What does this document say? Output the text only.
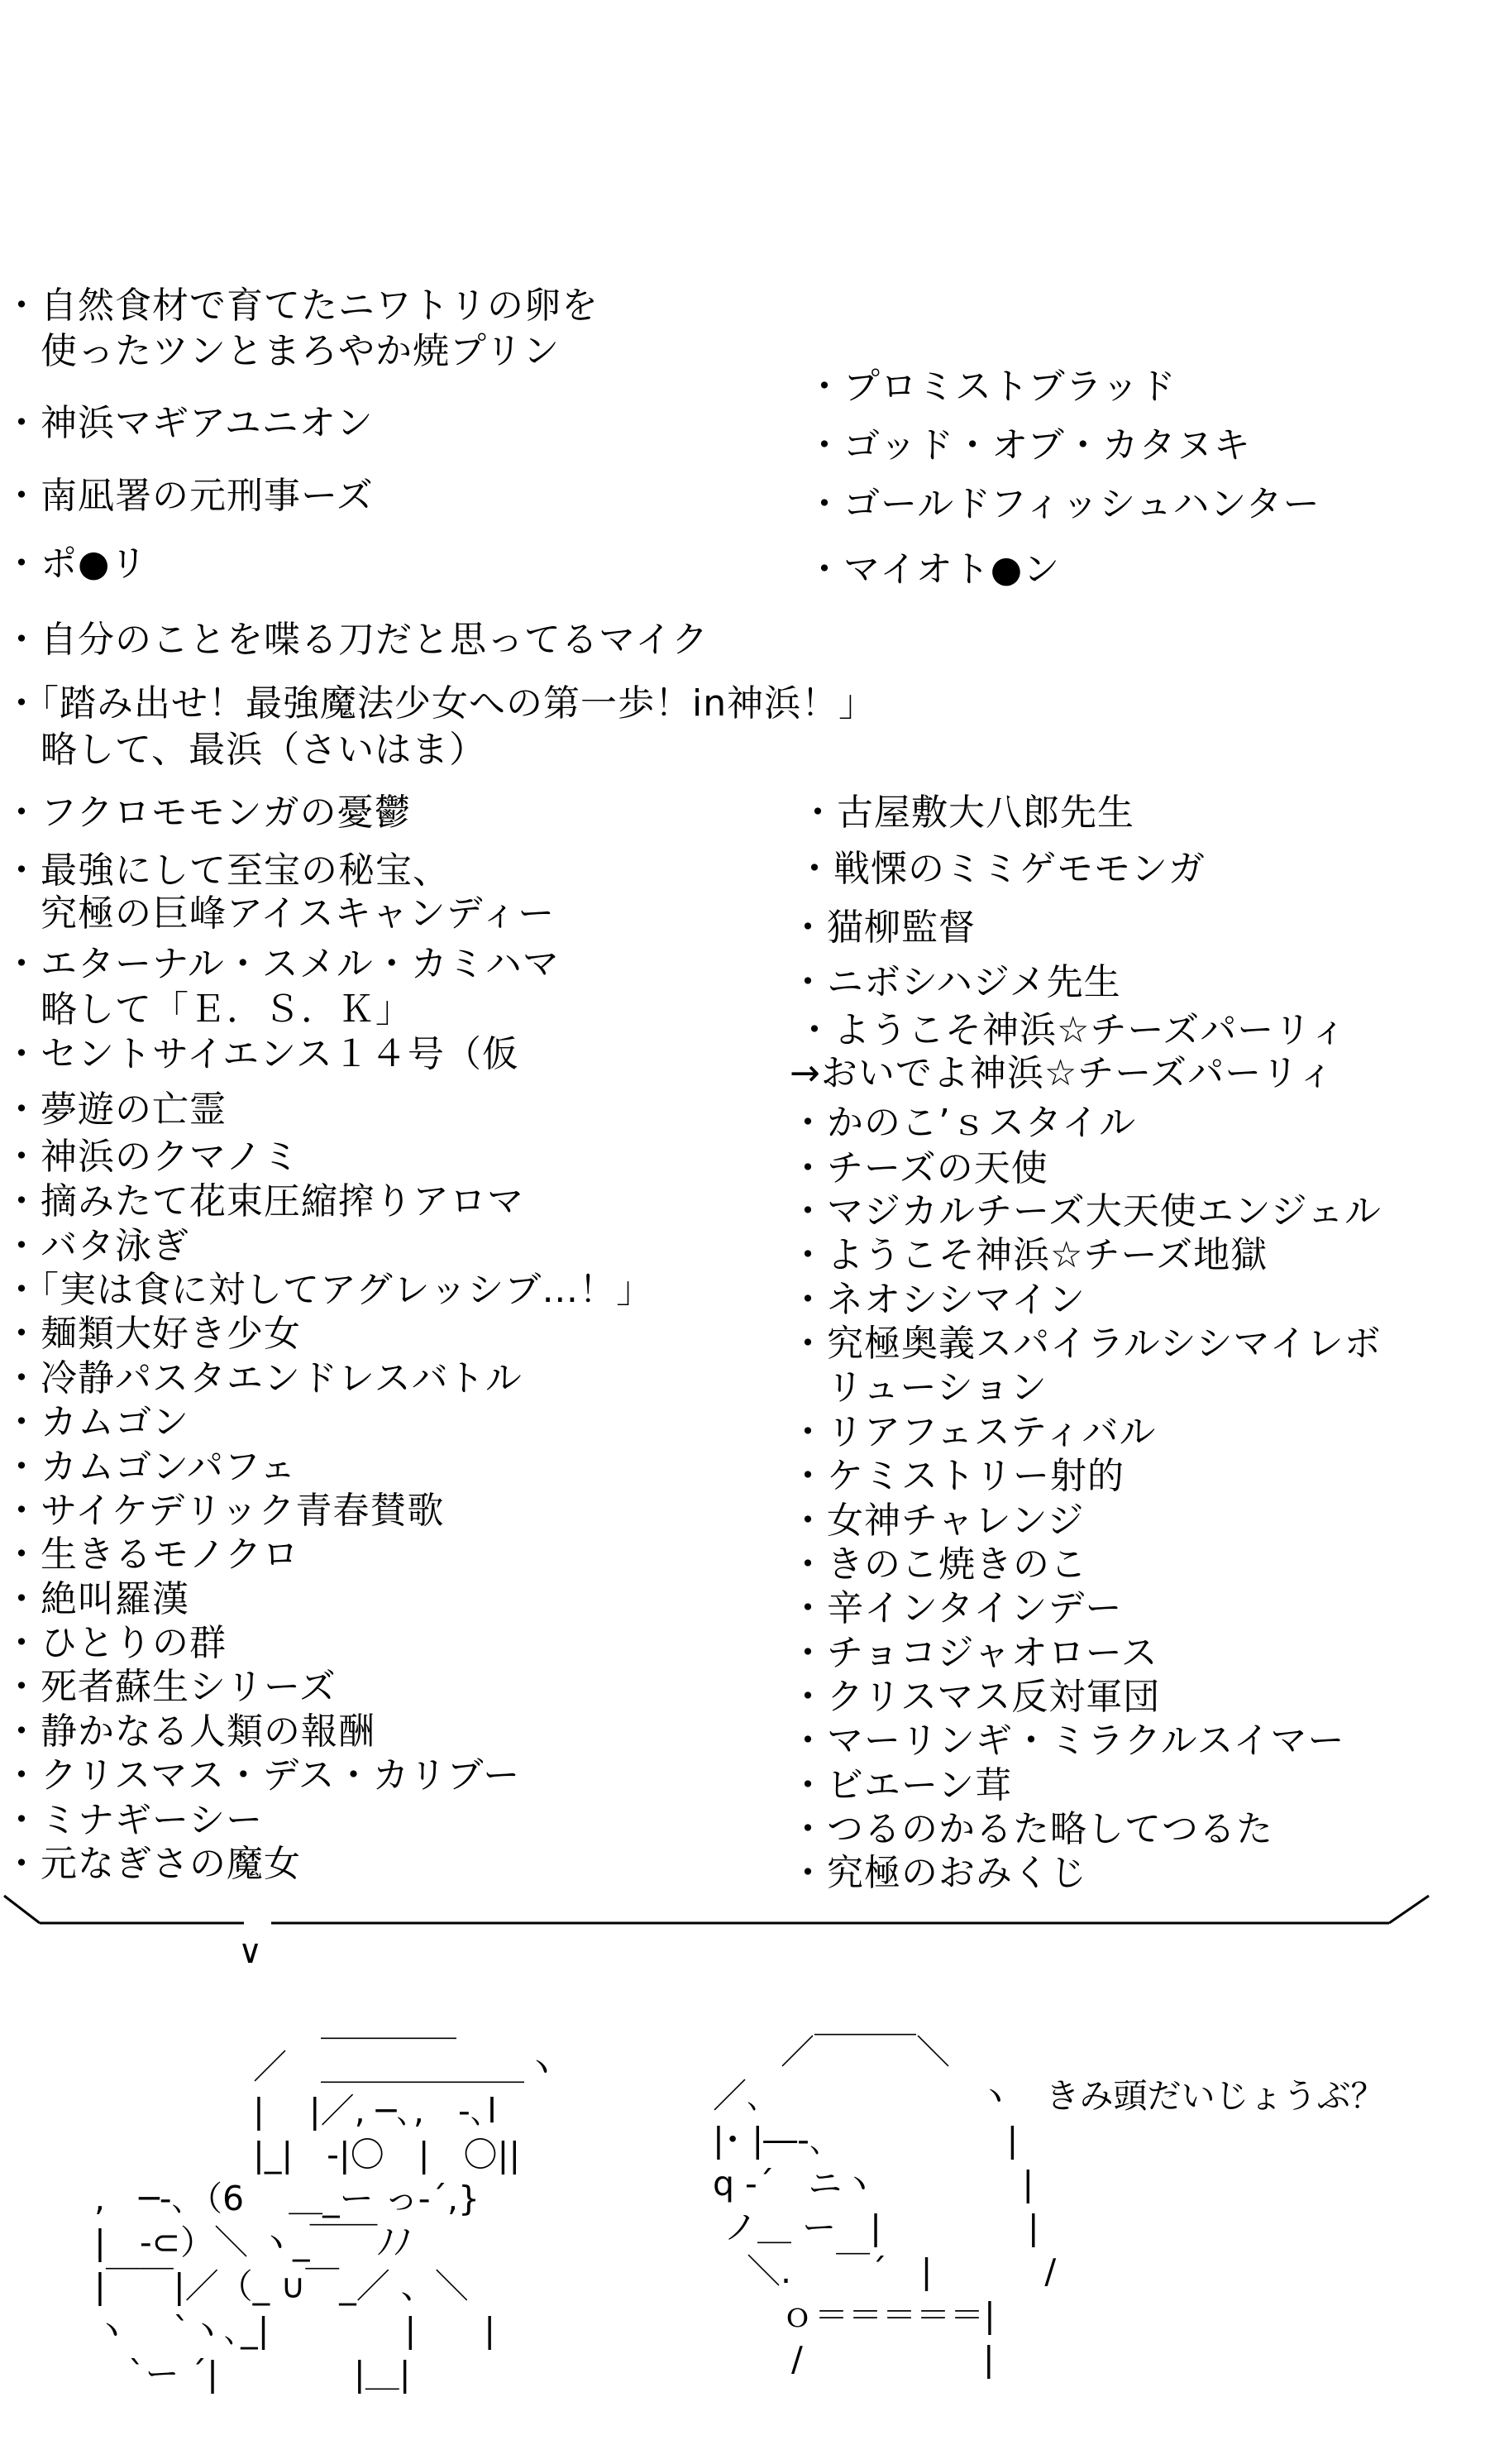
・自然食材で育てたニワトリの卵を
　使ったツンとまろやか焼プリン
・神浜マギアユニオン
・南凪署の元刑事ーズ
・ポ●リ
・自分のことを喋る刀だと思ってるマイク
・「踏み出せ！最強魔法少女への第一歩！in神浜！」
　略して、最浜（さいはま）
・フクロモモンガの憂鬱
・最強にして至宝の秘宝、
　究極の巨峰アイスキャンディー
・エターナル・スメル・カミハマ
　略して「Ｅ．Ｓ．Ｋ」
・セントサイエンス１４号（仮
・夢遊の亡霊
・神浜のクマノミ
・摘みたて花束圧縮搾りアロマ
・バタ泳ぎ
・「実は食に対してアグレッシブ…！」
・麺類大好き少女
・冷静パスタエンドレスバトル
・カムゴン
・カムゴンパフェ
・サイケデリック青春賛歌
・生きるモノクロ
・絶叫羅漢
・ひとりの群
・死者蘇生シリーズ
・静かなる人類の報酬
・クリスマス・デス・カリブー
・ミナギーシー
・元なぎさの魔女
・プロミストブラッド
・ゴッド・オブ・カタヌキ
・ゴールドフィッシュハンター
・マイオト●ン
・古屋敷大八郎先生
・戦慄のミミゲモモンガ
・猫柳監督
・ニボシハジメ先生
・ようこそ神浜☆チーズパーリィ
→おいでよ神浜☆チーズパーリィ
・かのこ’ｓスタイル
・チーズの天使
・マジカルチーズ大天使エンジェル
・ようこそ神浜☆チーズ地獄
・ネオシシマイン
・究極奥義スパイラルシシマイレボ
　リューション
・リアフェスティバル
・ケミストリー射的
・女神チャレンジ
・きのこ焼きのこ
・辛インタインデー
・チョコジャオロース
・クリスマス反対軍団
・マーリンギ・ミラクルスイマー
・ビエーン茸
・つるのかるた略してつるた
・究極のおみくじ
∨
　　　　　　　　＿＿＿＿
　　　　　　／　＿＿＿＿＿＿ヽ
　　　　　　|　 |／, ─､,　-､l
　　　　　　|_|　-|〇　|　〇||
　 ,　─-､（6　 ＿_ー っ-´,}
　 |　-⊂）＼ ヽ_￣￣ﾉﾉ
　 |￣￣|／（_ ∪￣_／ 、＼
　 ヽ　 `ヽ､_|　　　　|　　|
　　 `ー ´|　　　　|＿|
　　　　／￣￣￣＼
　　／､　　　　　　 ヽ　きみ頭だいじょうぶ？
　　|･ |―-､　　　　　 |
　　q -´　ニヽ　　　　 |
　　 ノ＿ ー　|　　　　 |
　　　＼. 　￣´　|　　　 /
　　　　ｏ＝＝＝＝＝|
　　　　 /　　　　　 |
